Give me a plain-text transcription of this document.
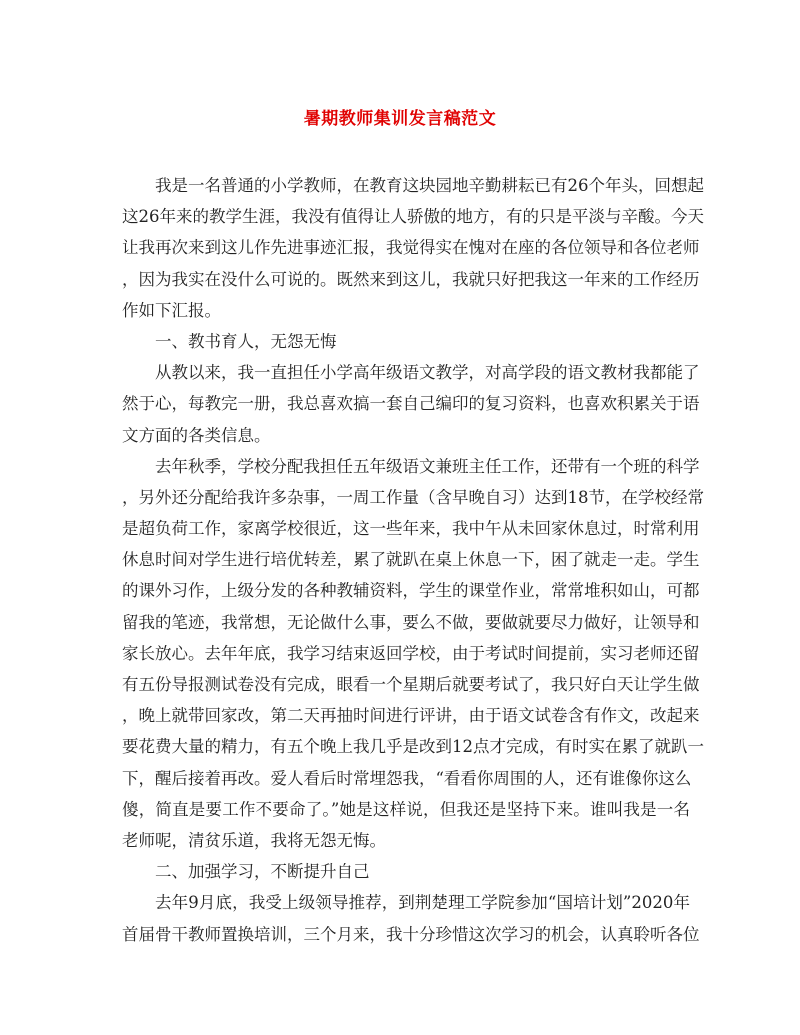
暑期教师集训发言稿范文

我是一名普通的小学教师，在教育这块园地辛勤耕耘已有26个年头，回想起
这26年来的教学生涯，我没有值得让人骄傲的地方，有的只是平淡与辛酸。今天
让我再次来到这儿作先进事迹汇报，我觉得实在愧对在座的各位领导和各位老师
，因为我实在没什么可说的。既然来到这儿，我就只好把我这一年来的工作经历
作如下汇报。

一、教书育人，无怨无悔

从教以来，我一直担任小学高年级语文教学，对高学段的语文教材我都能了
然于心，每教完一册，我总喜欢搞一套自己编印的复习资料，也喜欢积累关于语
文方面的各类信息。

去年秋季，学校分配我担任五年级语文兼班主任工作，还带有一个班的科学
，另外还分配给我许多杂事，一周工作量（含早晚自习）达到18节，在学校经常
是超负荷工作，家离学校很近，这一些年来，我中午从未回家休息过，时常利用
休息时间对学生进行培优转差，累了就趴在桌上休息一下，困了就走一走。学生
的课外习作，上级分发的各种教辅资料，学生的课堂作业，常常堆积如山，可都
留我的笔迹，我常想，无论做什么事，要么不做，要做就要尽力做好，让领导和
家长放心。去年年底，我学习结束返回学校，由于考试时间提前，实习老师还留
有五份导报测试卷没有完成，眼看一个星期后就要考试了，我只好白天让学生做
，晚上就带回家改，第二天再抽时间进行评讲，由于语文试卷含有作文，改起来
要花费大量的精力，有五个晚上我几乎是改到12点才完成，有时实在累了就趴一
下，醒后接着再改。爱人看后时常埋怨我，“看看你周围的人，还有谁像你这么
傻，简直是要工作不要命了。”她是这样说，但我还是坚持下来。谁叫我是一名
老师呢，清贫乐道，我将无怨无悔。

二、加强学习，不断提升自己

去年9月底，我受上级领导推荐，到荆楚理工学院参加“国培计划”2020年
首届骨干教师置换培训，三个月来，我十分珍惜这次学习的机会，认真聆听各位
